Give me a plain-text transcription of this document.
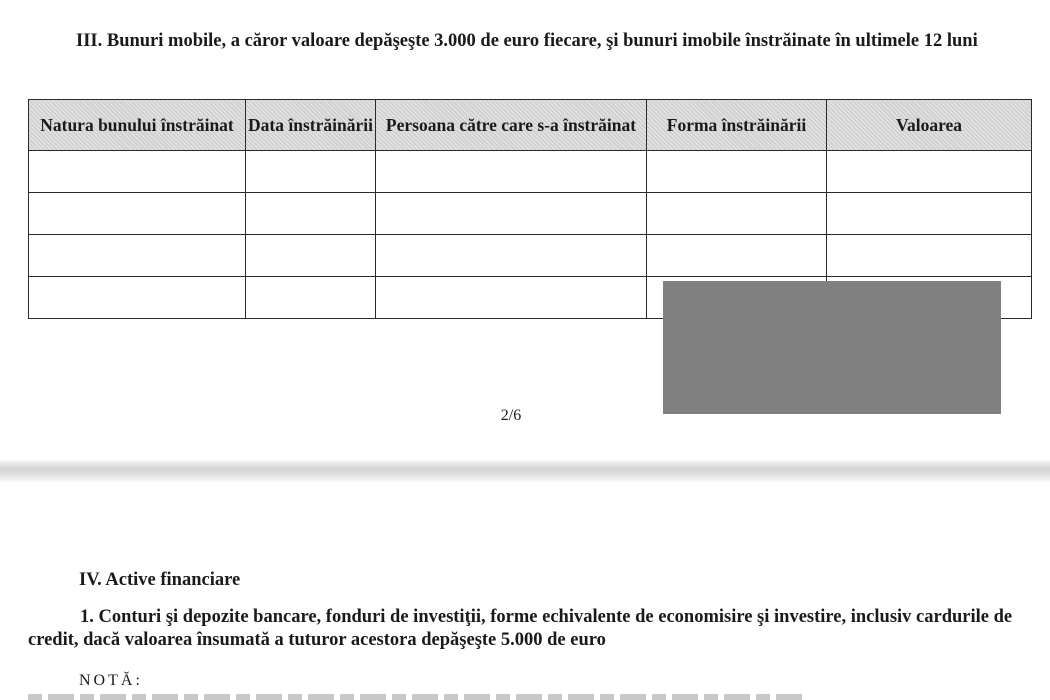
III. Bunuri mobile, a căror valoare depăşeşte 3.000 de euro fiecare, şi bunuri imobile înstrăinate în ultimele 12 luni

Natura bunului înstrăinat	Data înstrăinării	Persoana către care s-a înstrăinat	Forma înstrăinării	Valoarea

2/6

IV. Active financiare

1. Conturi şi depozite bancare, fonduri de investiţii, forme echivalente de economisire şi investire, inclusiv cardurile de credit, dacă valoarea însumată a tuturor acestora depăşeşte 5.000 de euro

NOTĂ:
